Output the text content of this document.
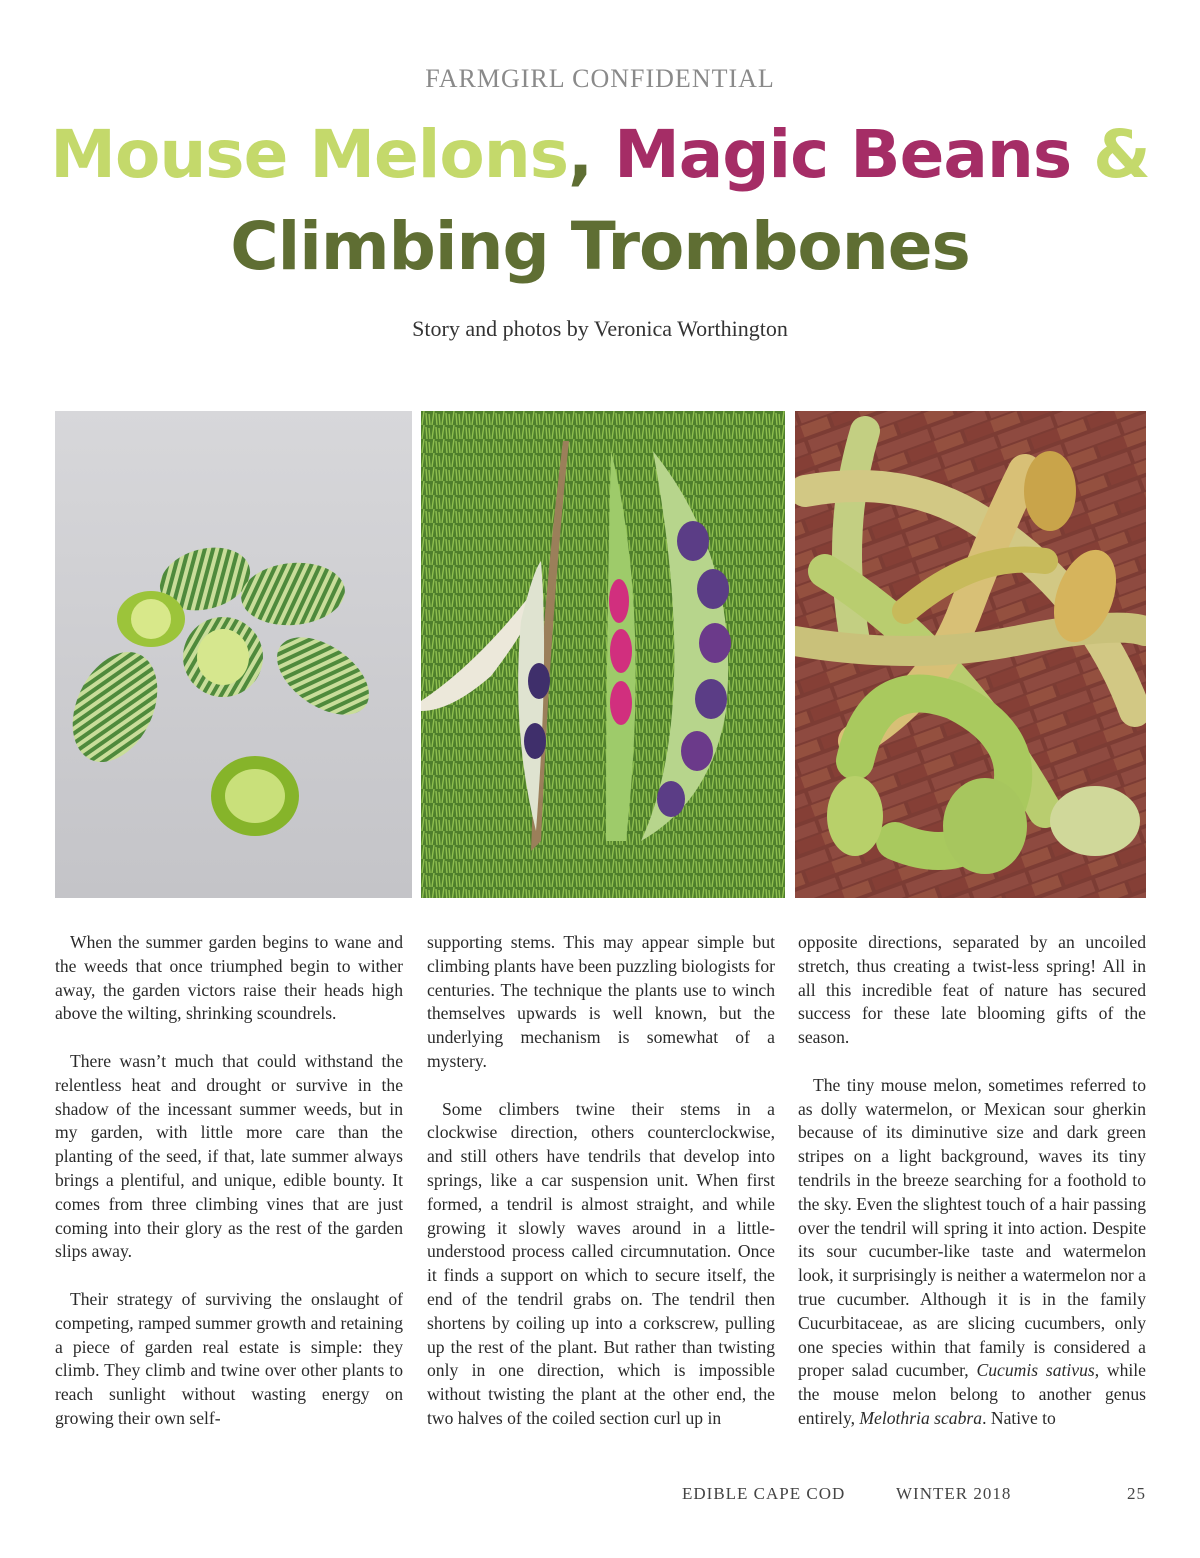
FARMGIRL CONFIDENTIAL
Mouse Melons, Magic Beans &
Climbing Trombones
Story and photos by Veronica Worthington

When the summer garden begins to wane and the weeds that once triumphed begin to wither away, the garden victors raise their heads high above the wilting, shrinking scoundrels.

There wasn’t much that could withstand the relentless heat and drought or survive in the shadow of the incessant summer weeds, but in my garden, with little more care than the planting of the seed, if that, late summer always brings a plentiful, and unique, edible bounty. It comes from three climbing vines that are just coming into their glory as the rest of the garden slips away.

Their strategy of surviving the onslaught of competing, ramped summer growth and retaining a piece of garden real estate is simple: they climb. They climb and twine over other plants to reach sunlight without wasting energy on growing their own self-

supporting stems. This may appear simple but climbing plants have been puzzling biologists for centuries. The technique the plants use to winch themselves upwards is well known, but the underlying mechanism is somewhat of a mystery.

Some climbers twine their stems in a clockwise direction, others counterclockwise, and still others have tendrils that develop into springs, like a car suspension unit. When first formed, a tendril is almost straight, and while growing it slowly waves around in a little-understood process called circumnutation. Once it finds a support on which to secure itself, the end of the tendril grabs on. The tendril then shortens by coiling up into a corkscrew, pulling up the rest of the plant. But rather than twisting only in one direction, which is impossible without twisting the plant at the other end, the two halves of the coiled section curl up in

opposite directions, separated by an uncoiled stretch, thus creating a twist-less spring! All in all this incredible feat of nature has secured success for these late blooming gifts of the season.

The tiny mouse melon, sometimes referred to as dolly watermelon, or Mexican sour gherkin because of its diminutive size and dark green stripes on a light background, waves its tiny tendrils in the breeze searching for a foothold to the sky. Even the slightest touch of a hair passing over the tendril will spring it into action. Despite its sour cucumber-like taste and watermelon look, it surprisingly is neither a watermelon nor a true cucumber. Although it is in the family Cucurbitaceae, as are slicing cucumbers, only one species within that family is considered a proper salad cucumber, Cucumis sativus, while the mouse melon belong to another genus entirely, Melothria scabra. Native to

EDIBLE CAPE COD	WINTER 2018	25
